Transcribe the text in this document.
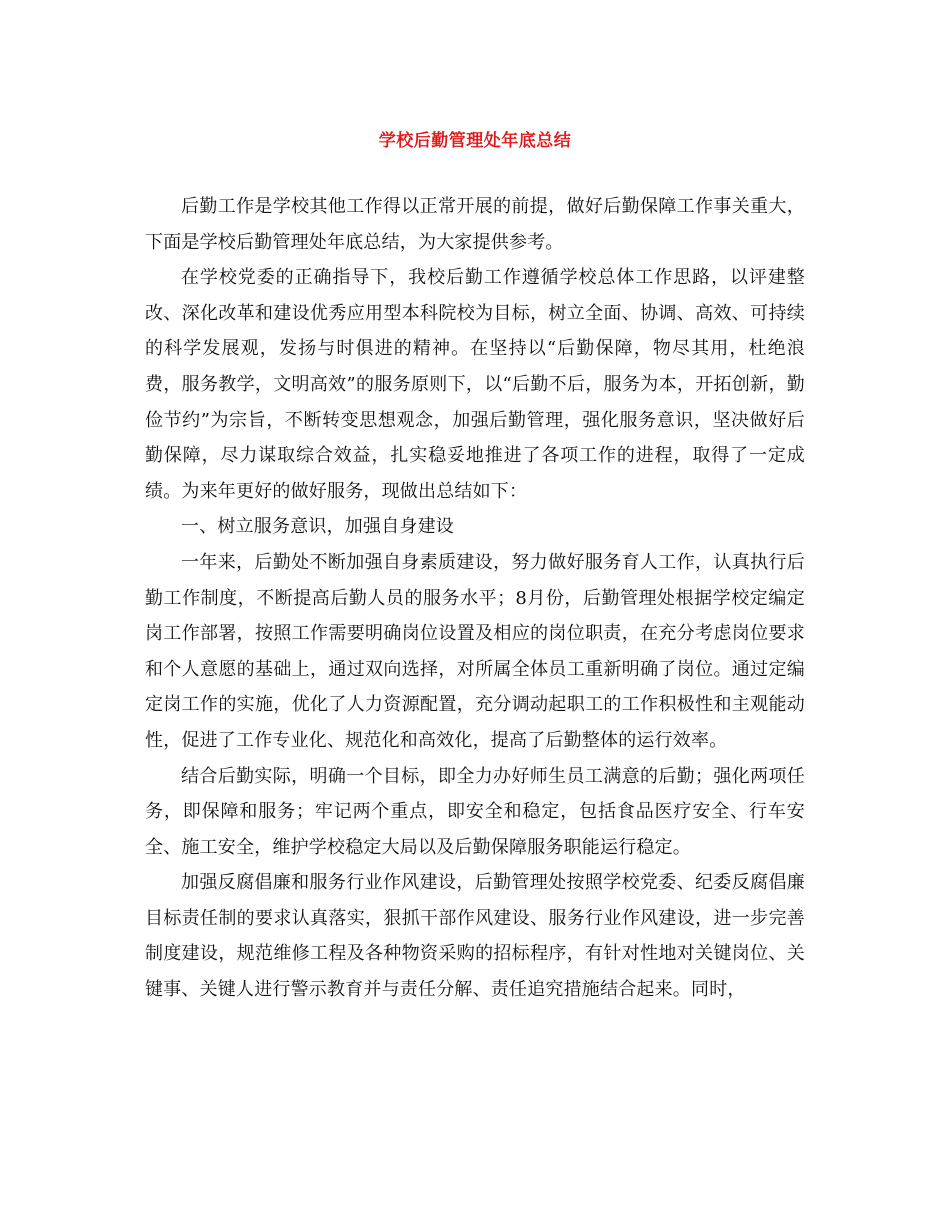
学校后勤管理处年底总结

后勤工作是学校其他工作得以正常开展的前提，做好后勤保障工作事关重大，下面是学校后勤管理处年底总结，为大家提供参考。

在学校党委的正确指导下，我校后勤工作遵循学校总体工作思路，以评建整改、深化改革和建设优秀应用型本科院校为目标，树立全面、协调、高效、可持续的科学发展观，发扬与时俱进的精神。在坚持以“后勤保障，物尽其用，杜绝浪费，服务教学，文明高效”的服务原则下，以“后勤不后，服务为本，开拓创新，勤俭节约”为宗旨，不断转变思想观念，加强后勤管理，强化服务意识，坚决做好后勤保障，尽力谋取综合效益，扎实稳妥地推进了各项工作的进程，取得了一定成绩。为来年更好的做好服务，现做出总结如下：

一、树立服务意识，加强自身建设

一年来，后勤处不断加强自身素质建设，努力做好服务育人工作，认真执行后勤工作制度，不断提高后勤人员的服务水平；8月份，后勤管理处根据学校定编定岗工作部署，按照工作需要明确岗位设置及相应的岗位职责，在充分考虑岗位要求和个人意愿的基础上，通过双向选择，对所属全体员工重新明确了岗位。通过定编定岗工作的实施，优化了人力资源配置，充分调动起职工的工作积极性和主观能动性，促进了工作专业化、规范化和高效化，提高了后勤整体的运行效率。

结合后勤实际，明确一个目标，即全力办好师生员工满意的后勤；强化两项任务，即保障和服务；牢记两个重点，即安全和稳定，包括食品医疗安全、行车安全、施工安全，维护学校稳定大局以及后勤保障服务职能运行稳定。

加强反腐倡廉和服务行业作风建设，后勤管理处按照学校党委、纪委反腐倡廉目标责任制的要求认真落实，狠抓干部作风建设、服务行业作风建设，进一步完善制度建设，规范维修工程及各种物资采购的招标程序，有针对性地对关键岗位、关键事、关键人进行警示教育并与责任分解、责任追究措施结合起来。同时，
